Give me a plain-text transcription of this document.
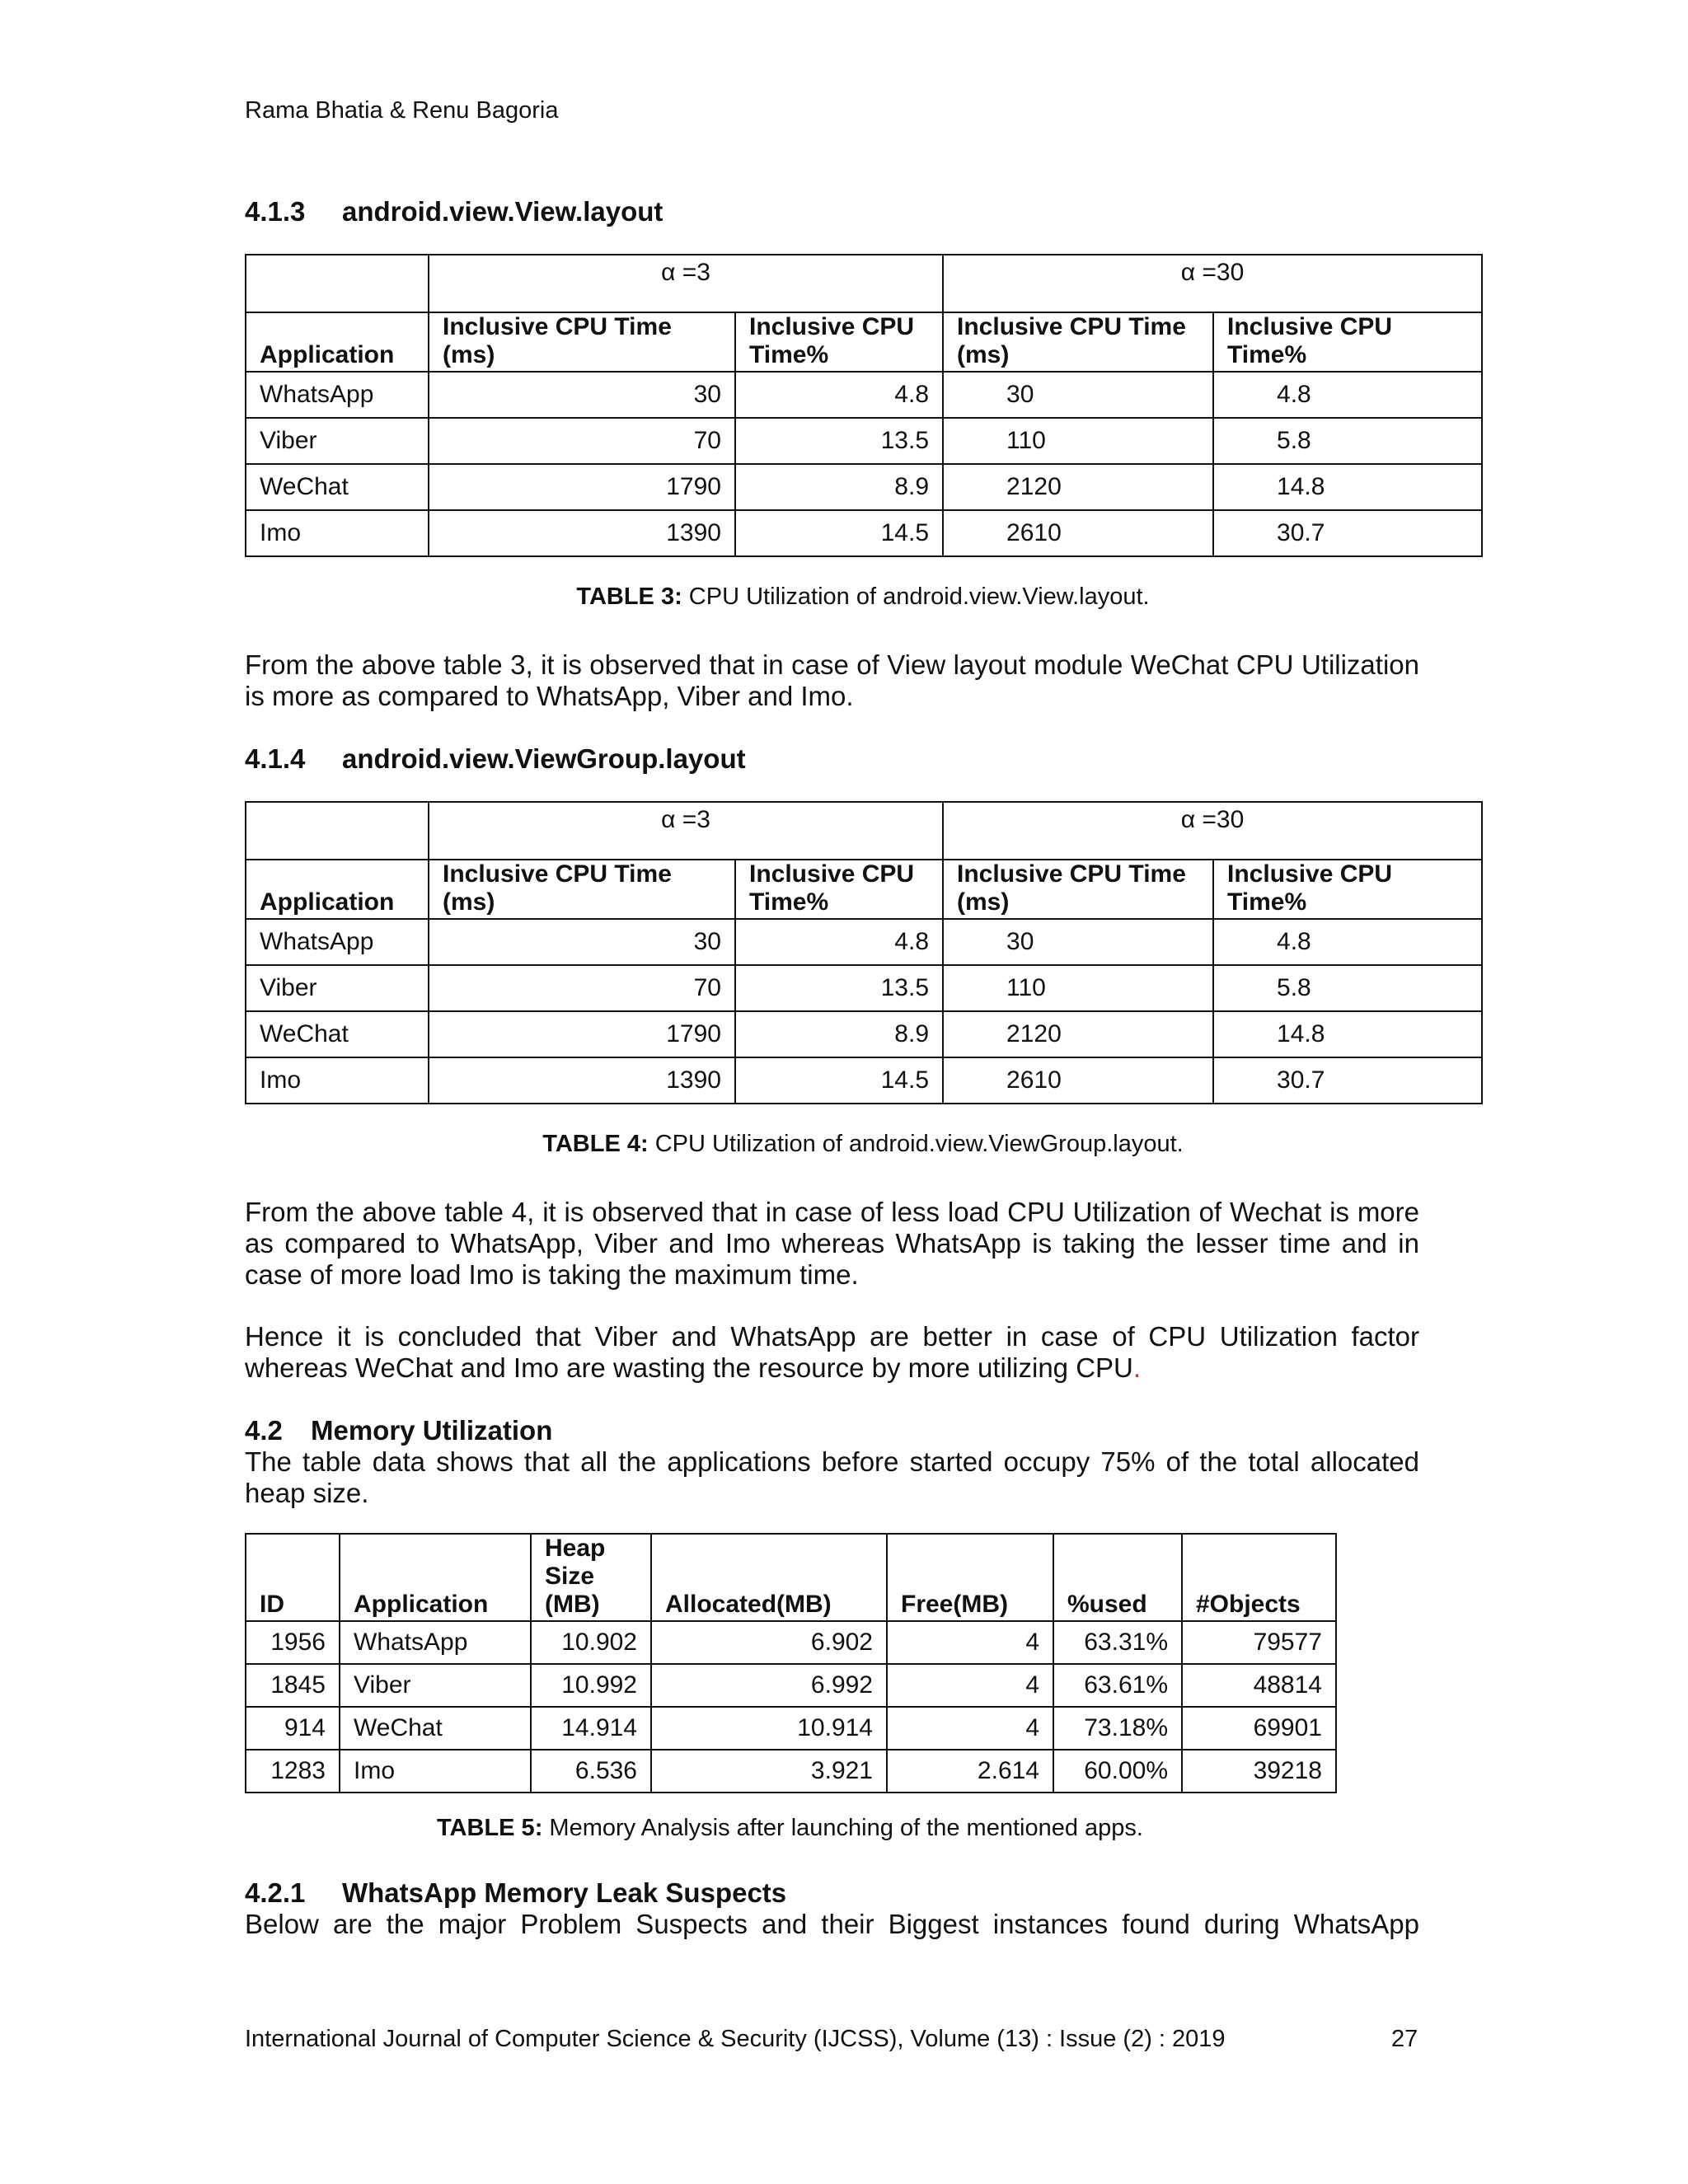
Rama Bhatia & Renu Bagoria
4.1.3 android.view.View.layout
	α =3		α =30	
Application	Inclusive CPU Time (ms)	Inclusive CPU Time%	Inclusive CPU Time (ms)	Inclusive CPU Time%
WhatsApp	30	4.8	30	4.8
Viber	70	13.5	110	5.8
WeChat	1790	8.9	2120	14.8
Imo	1390	14.5	2610	30.7
TABLE 3: CPU Utilization of android.view.View.layout.
From the above table 3, it is observed that in case of View layout module WeChat CPU Utilization is more as compared to WhatsApp, Viber and Imo.
4.1.4 android.view.ViewGroup.layout
	α =3		α =30	
Application	Inclusive CPU Time (ms)	Inclusive CPU Time%	Inclusive CPU Time (ms)	Inclusive CPU Time%
WhatsApp	30	4.8	30	4.8
Viber	70	13.5	110	5.8
WeChat	1790	8.9	2120	14.8
Imo	1390	14.5	2610	30.7
TABLE 4: CPU Utilization of android.view.ViewGroup.layout.
From the above table 4, it is observed that in case of less load CPU Utilization of Wechat is more as compared to WhatsApp, Viber and Imo whereas WhatsApp is taking the lesser time and in case of more load Imo is taking the maximum time.
Hence it is concluded that Viber and WhatsApp are better in case of CPU Utilization factor whereas WeChat and Imo are wasting the resource by more utilizing CPU.
4.2 Memory Utilization
The table data shows that all the applications before started occupy 75% of the total allocated heap size.
ID	Application	Heap Size (MB)	Allocated(MB)	Free(MB)	%used	#Objects
1956	WhatsApp	10.902	6.902	4	63.31%	79577
1845	Viber	10.992	6.992	4	63.61%	48814
914	WeChat	14.914	10.914	4	73.18%	69901
1283	Imo	6.536	3.921	2.614	60.00%	39218
TABLE 5: Memory Analysis after launching of the mentioned apps.
4.2.1 WhatsApp Memory Leak Suspects
Below are the major Problem Suspects and their Biggest instances found during WhatsApp
International Journal of Computer Science & Security (IJCSS), Volume (13) : Issue (2) : 2019	27
